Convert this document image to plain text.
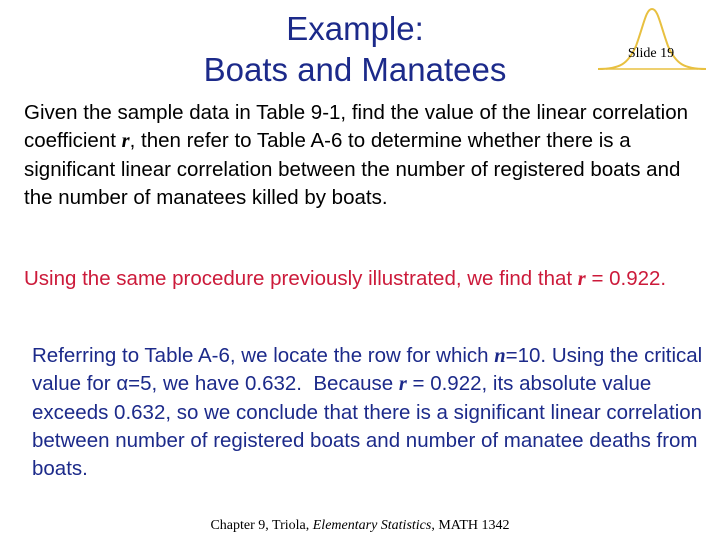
Example:
Boats and Manatees	Slide 19
Given the sample data in Table 9-1, find the value of the linear correlation coefficient r, then refer to Table A-6 to determine whether there is a significant linear correlation between the number of registered boats and the number of manatees killed by boats.
Using the same procedure previously illustrated, we find that r = 0.922.
Referring to Table A-6, we locate the row for which n=10. Using the critical value for α=5, we have 0.632.  Because r = 0.922, its absolute value exceeds 0.632, so we conclude that there is a significant linear correlation between number of registered boats and number of manatee deaths from boats.
Chapter 9, Triola, Elementary Statistics, MATH 1342
